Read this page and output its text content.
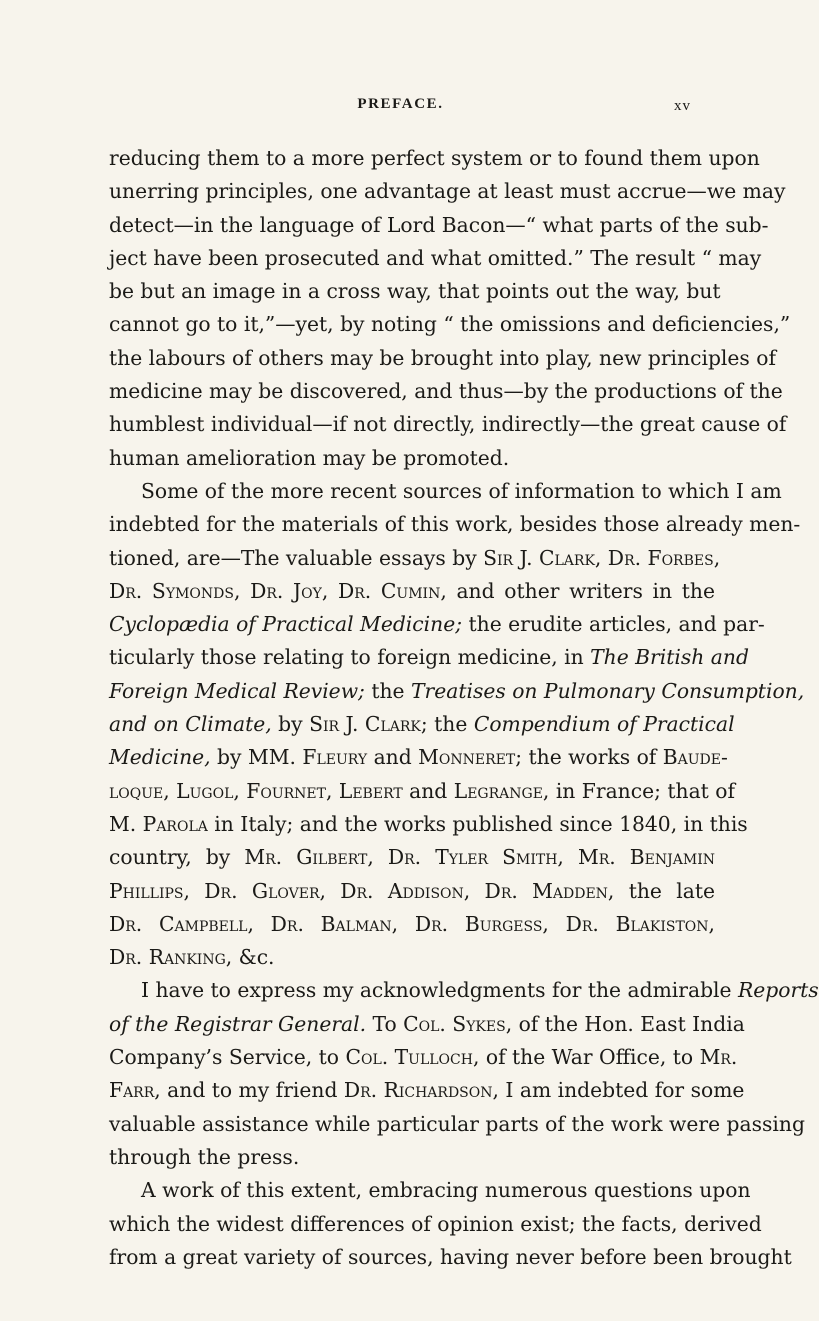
PREFACE.	xv
reducing them to a more perfect system or to found them upon
unerring principles, one advantage at least must accrue—we may
detect—in the language of Lord Bacon—“ what parts of the sub-
ject have been prosecuted and what omitted.” The result “ may
be but an image in a cross way, that points out the way, but
cannot go to it,”—yet, by noting “ the omissions and deficiencies,”
the labours of others may be brought into play, new principles of
medicine may be discovered, and thus—by the productions of the
humblest individual—if not directly, indirectly—the great cause of
human amelioration may be promoted.
Some of the more recent sources of information to which I am
indebted for the materials of this work, besides those already men-
tioned, are—The valuable essays by Sir J. Clark, Dr. Forbes,
Dr. Symonds, Dr. Joy, Dr. Cumin, and other writers in the
Cyclopædia of Practical Medicine; the erudite articles, and par-
ticularly those relating to foreign medicine, in The British and
Foreign Medical Review; the Treatises on Pulmonary Consumption,
and on Climate, by Sir J. Clark; the Compendium of Practical
Medicine, by MM. Fleury and Monneret; the works of Baude-
loque, Lugol, Fournet, Lebert and Legrange, in France; that of
M. Parola in Italy; and the works published since 1840, in this
country, by Mr. Gilbert, Dr. Tyler Smith, Mr. Benjamin
Phillips, Dr. Glover, Dr. Addison, Dr. Madden, the late
Dr. Campbell, Dr. Balman, Dr. Burgess, Dr. Blakiston,
Dr. Ranking, &c.
I have to express my acknowledgments for the admirable Reports
of the Registrar General. To Col. Sykes, of the Hon. East India
Company’s Service, to Col. Tulloch, of the War Office, to Mr.
Farr, and to my friend Dr. Richardson, I am indebted for some
valuable assistance while particular parts of the work were passing
through the press.
A work of this extent, embracing numerous questions upon
which the widest differences of opinion exist; the facts, derived
from a great variety of sources, having never before been brought
